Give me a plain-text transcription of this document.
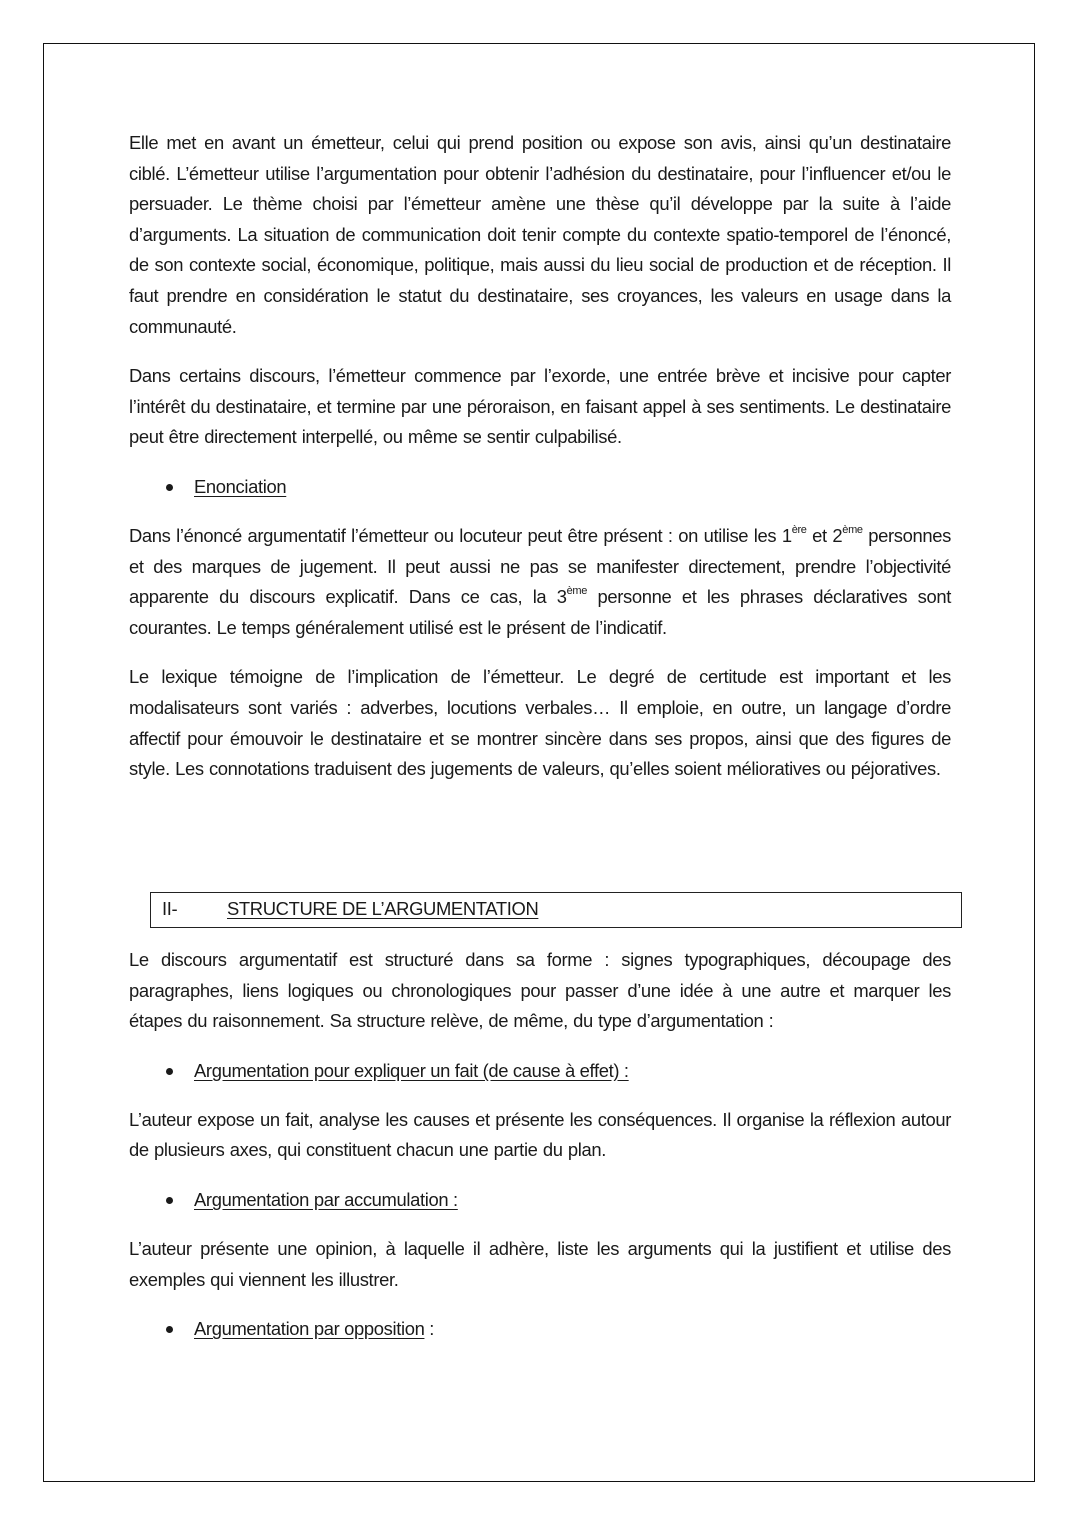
Elle met en avant un émetteur, celui qui prend position ou expose son avis, ainsi qu’un destinataire ciblé. L’émetteur utilise l’argumentation pour obtenir l’adhésion du destinataire, pour l’influencer et/ou le persuader. Le thème choisi par l’émetteur amène une thèse qu’il développe par la suite à l’aide d’arguments. La situation de communication doit tenir compte du contexte spatio-temporel de l’énoncé, de son contexte social, économique, politique, mais aussi du lieu social de production et de réception. Il faut prendre en considération le statut du destinataire, ses croyances, les valeurs en usage dans la communauté.

Dans certains discours, l’émetteur commence par l’exorde, une entrée brève et incisive pour capter l’intérêt du destinataire, et termine par une péroraison, en faisant appel à ses sentiments. Le destinataire peut être directement interpellé, ou même se sentir culpabilisé.

Enonciation

Dans l’énoncé argumentatif l’émetteur ou locuteur peut être présent : on utilise les 1ère et 2ème personnes et des marques de jugement. Il peut aussi ne pas se manifester directement, prendre l’objectivité apparente du discours explicatif. Dans ce cas, la 3ème personne et les phrases déclaratives sont courantes. Le temps généralement utilisé est le présent de l’indicatif.

Le lexique témoigne de l’implication de l’émetteur. Le degré de certitude est important et les modalisateurs sont variés : adverbes, locutions verbales… Il emploie, en outre, un langage d’ordre affectif pour émouvoir le destinataire et se montrer sincère dans ses propos, ainsi que des figures de style. Les connotations traduisent des jugements de valeurs, qu’elles soient mélioratives ou péjoratives.

II-	STRUCTURE DE L’ARGUMENTATION

Le discours argumentatif est structuré dans sa forme : signes typographiques, découpage des paragraphes, liens logiques ou chronologiques pour passer d’une idée à une autre et marquer les étapes du raisonnement. Sa structure relève, de même, du type d’argumentation :

Argumentation pour expliquer un fait (de cause à effet) :

L’auteur expose un fait, analyse les causes et présente les conséquences. Il organise la réflexion autour de plusieurs axes, qui constituent chacun une partie du plan.

Argumentation par accumulation :

L’auteur présente une opinion, à laquelle il adhère, liste les arguments qui la justifient et utilise des exemples qui viennent les illustrer.

Argumentation par opposition :
